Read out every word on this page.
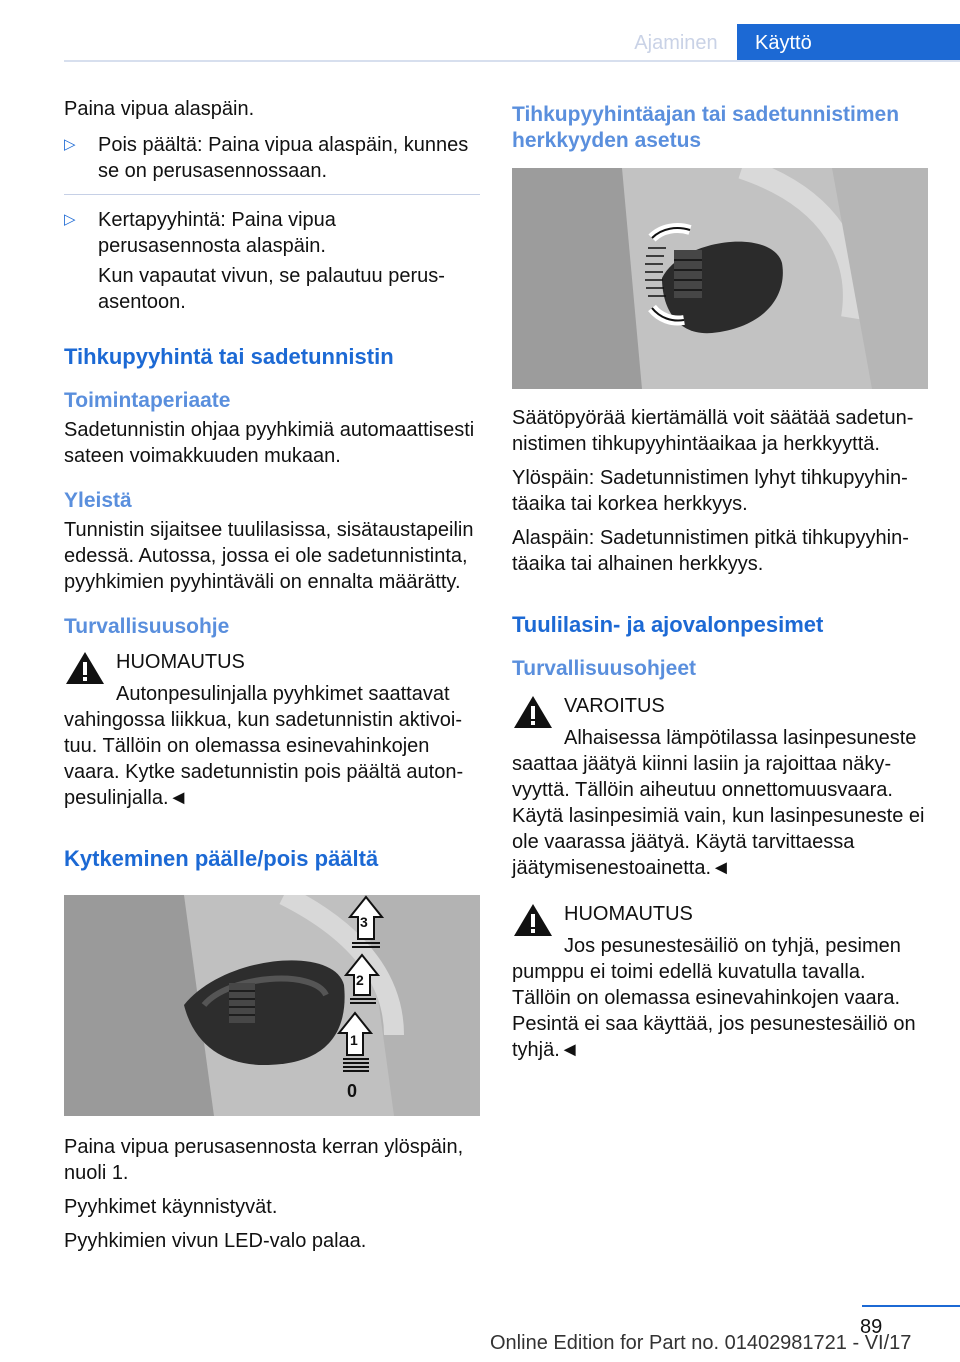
Ajaminen	Käyttö

Paina vipua alaspäin.

▷	Pois päältä: Paina vipua alaspäin, kunnes se on perusasennossaan.

▷	Kertapyyhintä: Paina vipua perusasennosta alaspäin.

Kun vapautat vivun, se palautuu perusasentoon.

Tihkupyyhintä tai sadetunnistin
Toimintaperiaate

Sadetunnistin ohjaa pyyhkimiä automaattisesti sateen voimakkuuden mukaan.

Yleistä

Tunnistin sijaitsee tuulilasissa, sisätaustapeilin edessä. Autossa, jossa ei ole sadetunnistinta, pyyhkimien pyyhintäväli on ennalta määrätty.

Turvallisuusohje

HUOMAUTUS

Autonpesulinjalla pyyhkimet saattavat

vahingossa liikkua, kun sadetunnistin aktivoituu. Tällöin on olemassa esinevahinkojen vaara. Kytke sadetunnistin pois päältä autonpesulinjalla.◄

Kytkeminen päälle/pois päältä
3
2
1
0

Paina vipua perusasennosta kerran ylöspäin, nuoli 1.

Pyyhkimet käynnistyvät.

Pyyhkimien vivun LED-valo palaa.

Tihkupyyhintäajan tai sadetunnistimen herkkyyden asetus

Säätöpyörää kiertämällä voit säätää sadetunnistimen tihkupyyhintäaikaa ja herkkyyttä.

Ylöspäin: Sadetunnistimen lyhyt tihkupyyhintäaika tai korkea herkkyys.

Alaspäin: Sadetunnistimen pitkä tihkupyyhintäaika tai alhainen herkkyys.

Tuulilasin- ja ajovalonpesimet
Turvallisuusohjeet

VAROITUS

Alhaisessa lämpötilassa lasinpesuneste

saattaa jäätyä kiinni lasiin ja rajoittaa näkyvyyttä. Tällöin aiheutuu onnettomuusvaara. Käytä lasinpesimiä vain, kun lasinpesuneste ei ole vaarassa jäätyä. Käytä tarvittaessa jäätymisenestoainetta.◄

HUOMAUTUS

Jos pesunestesäiliö on tyhjä, pesimen

pumppu ei toimi edellä kuvatulla tavalla. Tällöin on olemassa esinevahinkojen vaara. Pesintä ei saa käyttää, jos pesunestesäiliö on tyhjä.◄

89
Online Edition for Part no. 01402981721 - VI/17
